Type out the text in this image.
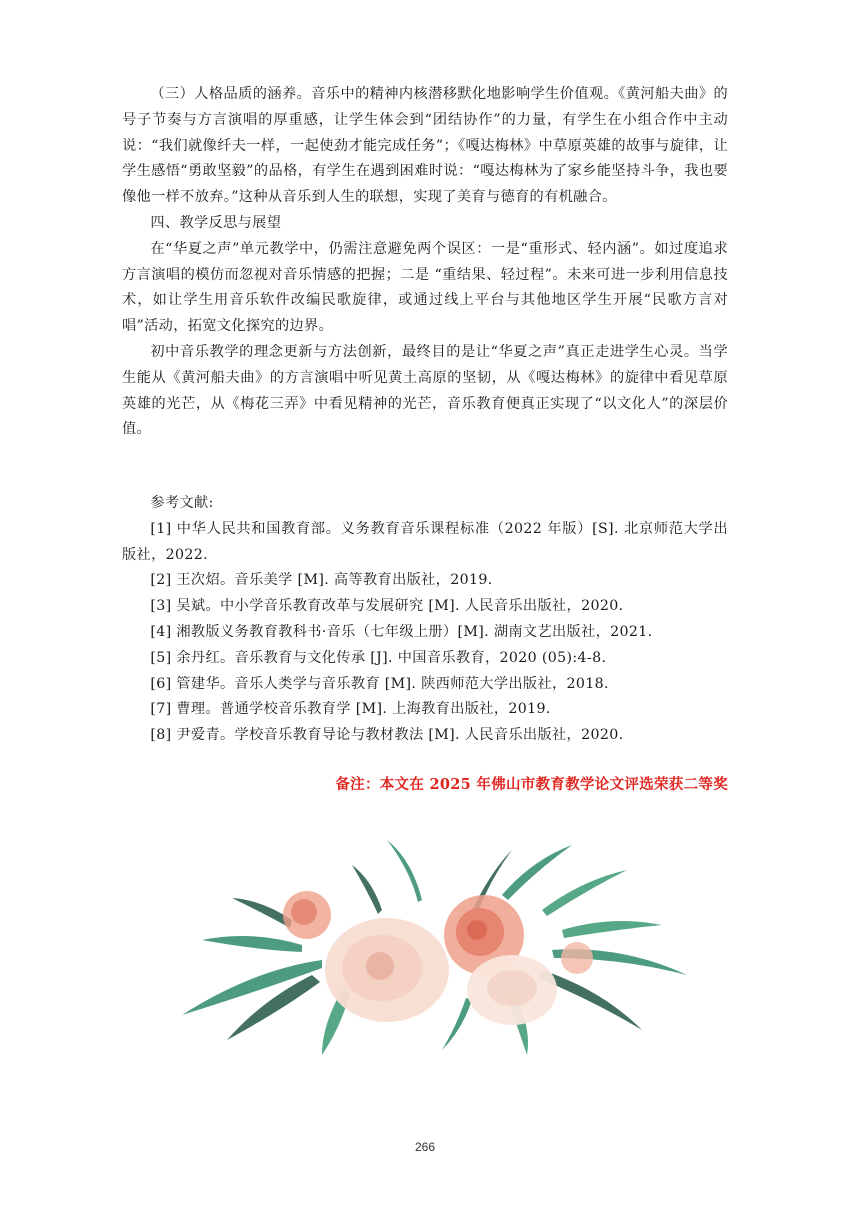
（三）人格品质的涵养。音乐中的精神内核潜移默化地影响学生价值观。《黄河船夫曲》的号子节奏与方言演唱的厚重感，让学生体会到“团结协作”的力量，有学生在小组合作中主动说：“我们就像纤夫一样，一起使劲才能完成任务”；《嘎达梅林》中草原英雄的故事与旋律，让学生感悟“勇敢坚毅”的品格，有学生在遇到困难时说：“嘎达梅林为了家乡能坚持斗争，我也要像他一样不放弃。”这种从音乐到人生的联想，实现了美育与德育的有机融合。

四、教学反思与展望

在“华夏之声”单元教学中，仍需注意避免两个误区：一是“重形式、轻内涵”。如过度追求方言演唱的模仿而忽视对音乐情感的把握；二是 “重结果、轻过程”。未来可进一步利用信息技术，如让学生用音乐软件改编民歌旋律，或通过线上平台与其他地区学生开展“民歌方言对唱”活动，拓宽文化探究的边界。

初中音乐教学的理念更新与方法创新，最终目的是让“华夏之声”真正走进学生心灵。当学生能从《黄河船夫曲》的方言演唱中听见黄土高原的坚韧，从《嘎达梅林》的旋律中看见草原英雄的光芒，从《梅花三弄》中看见精神的光芒，音乐教育便真正实现了“以文化人”的深层价值。

参考文献:

[1] 中华人民共和国教育部。义务教育音乐课程标准（2022 年版）[S]. 北京师范大学出版社，2022.

[2] 王次炤。音乐美学 [M]. 高等教育出版社，2019.

[3] 吴斌。中小学音乐教育改革与发展研究 [M]. 人民音乐出版社，2020.

[4] 湘教版义务教育教科书·音乐（七年级上册）[M]. 湖南文艺出版社，2021.

[5] 余丹红。音乐教育与文化传承 [J]. 中国音乐教育，2020 (05):4-8.

[6] 管建华。音乐人类学与音乐教育 [M]. 陕西师范大学出版社，2018.

[7] 曹理。普通学校音乐教育学 [M]. 上海教育出版社，2019.

[8] 尹爱青。学校音乐教育导论与教材教法 [M]. 人民音乐出版社，2020.

备注：本文在 2025 年佛山市教育教学论文评选荣获二等奖
266
